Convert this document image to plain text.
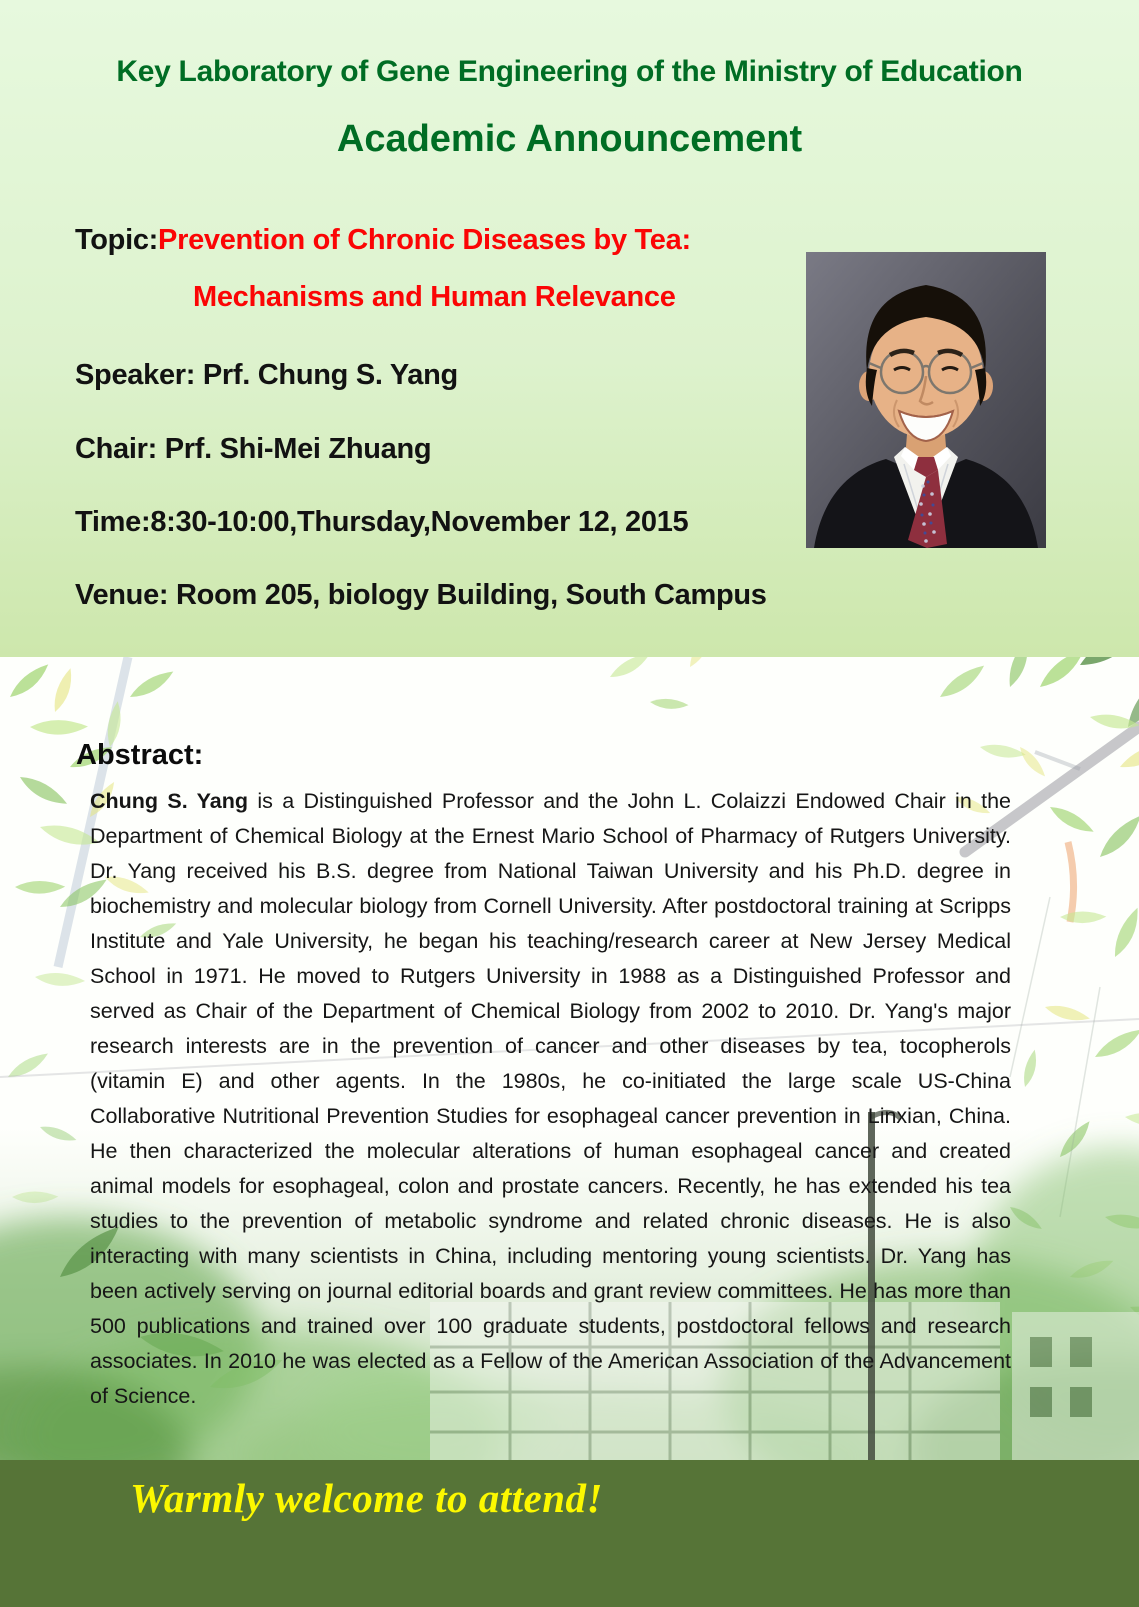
Key Laboratory of Gene Engineering of the Ministry of Education
Academic Announcement

Topic:Prevention of Chronic Diseases by Tea:

Mechanisms and Human Relevance

Speaker: Prf. Chung S. Yang

Chair: Prf. Shi-Mei Zhuang

Time:8:30-10:00,Thursday,November 12, 2015

Venue: Room 205, biology Building, South Campus

Abstract:

Chung S. Yang is a Distinguished Professor and the John L. Colaizzi Endowed Chair in the Department of Chemical Biology at the Ernest Mario School of Pharmacy of Rutgers University. Dr. Yang received his B.S. degree from National Taiwan University and his Ph.D. degree in biochemistry and molecular biology from Cornell University. After postdoctoral training at Scripps Institute and Yale University, he began his teaching/research career at New Jersey Medical School in 1971. He moved to Rutgers University in 1988 as a Distinguished Professor and served as Chair of the Department of Chemical Biology from 2002 to 2010. Dr. Yang's major research interests are in the prevention of cancer and other diseases by tea, tocopherols (vitamin E) and other agents. In the 1980s, he co-initiated the large scale US-China Collaborative Nutritional Prevention Studies for esophageal cancer prevention in Linxian, China. He then characterized the molecular alterations of human esophageal cancer and created animal models for esophageal, colon and prostate cancers. Recently, he has extended his tea studies to the prevention of metabolic syndrome and related chronic diseases. He is also interacting with many scientists in China, including mentoring young scientists. Dr. Yang has been actively serving on journal editorial boards and grant review committees. He has more than 500 publications and trained over 100 graduate students, postdoctoral fellows and research associates. In 2010 he was elected as a Fellow of the American Association of the Advancement of Science.

Warmly welcome to attend!
